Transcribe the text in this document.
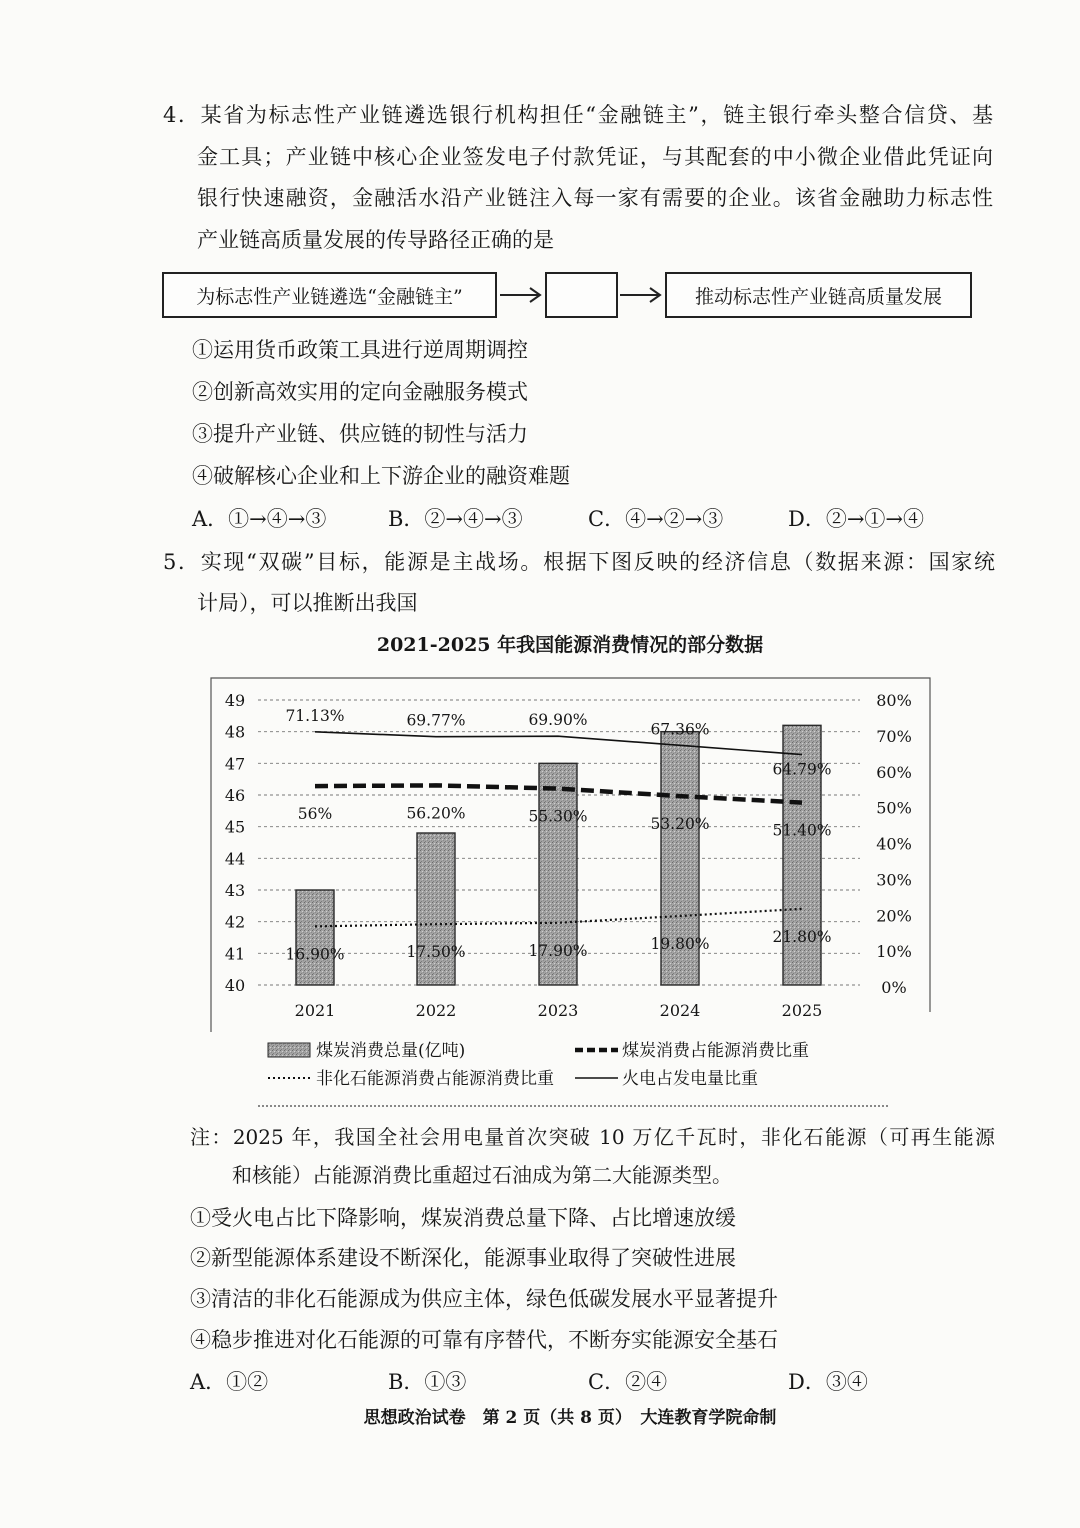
4．某省为标志性产业链遴选银行机构担任“金融链主”，链主银行牵头整合信贷、基
金工具；产业链中核心企业签发电子付款凭证，与其配套的中小微企业借此凭证向
银行快速融资，金融活水沿产业链注入每一家有需要的企业。该省金融助力标志性
产业链高质量发展的传导路径正确的是
为标志性产业链遴选“金融链主”	推动标志性产业链高质量发展
①运用货币政策工具进行逆周期调控
②创新高效实用的定向金融服务模式
③提升产业链、供应链的韧性与活力
④破解核心企业和上下游企业的融资难题
A．①→④→③	B．②→④→③	C．④→②→③	D．②→①→④
5．实现“双碳”目标，能源是主战场。根据下图反映的经济信息（数据来源：国家统
计局），可以推断出我国
2021-2025 年我国能源消费情况的部分数据
40
41
42
43
44
45
46
47
48
49
0%
10%
20%
30%
40%
50%
60%
70%
80%
2021	2022	2023	2024	2025
56%	56.20%	55.30%	53.20%	51.40%
16.90%	17.50%	17.90%	19.80%	21.80%
71.13%	69.77%	69.90%
67.36%
64.79%
煤炭消费总量(亿吨)	煤炭消费占能源消费比重
非化石能源消费占能源消费比重	火电占发电量比重
注：2025 年，我国全社会用电量首次突破 10 万亿千瓦时，非化石能源（可再生能源
和核能）占能源消费比重超过石油成为第二大能源类型。
①受火电占比下降影响，煤炭消费总量下降、占比增速放缓
②新型能源体系建设不断深化，能源事业取得了突破性进展
③清洁的非化石能源成为供应主体，绿色低碳发展水平显著提升
④稳步推进对化石能源的可靠有序替代，不断夯实能源安全基石
A．①②	B．①③	C．②④	D．③④
思想政治试卷　第 2 页（共 8 页）　大连教育学院命制
